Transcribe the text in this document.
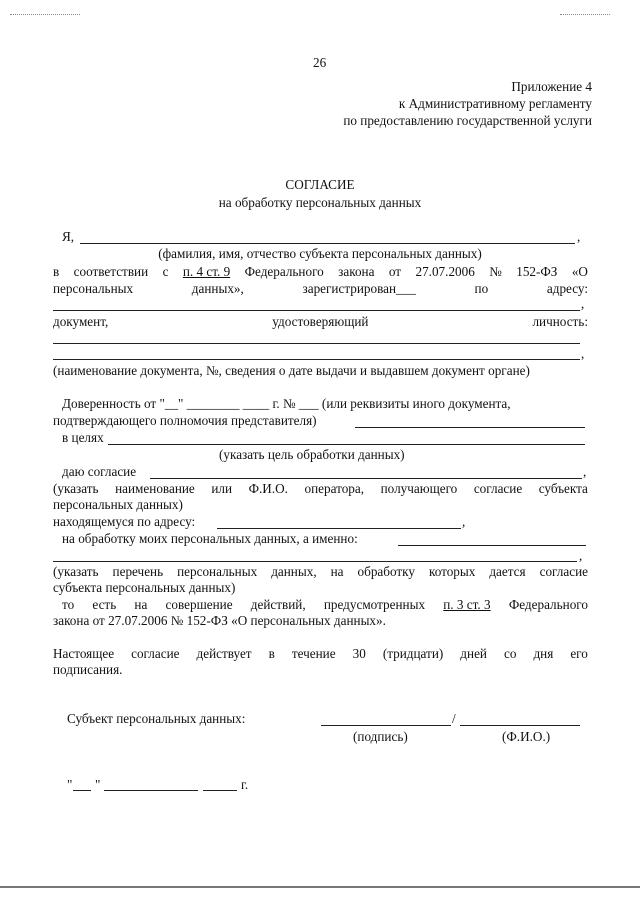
26
Приложение 4
к Административному регламенту
по предоставлению государственной услуги
СОГЛАСИЕ
на обработку персональных данных
Я,	,
(фамилия, имя, отчество субъекта персональных данных)
в соответствии с п. 4 ст. 9 Федерального закона от 27.07.2006 № 152-ФЗ «О
персональных	данных»,	зарегистрирован___	по	адресу:
,
документ,	удостоверяющий	личность:
,
(наименование документа, №, сведения о дате выдачи и выдавшем документ органе)
Доверенность от "__" ________ ____ г. № ___ (или реквизиты иного документа,
подтверждающего полномочия представителя)
в целях
(указать цель обработки данных)
даю согласие	,
(указать наименование или Ф.И.О. оператора, получающего согласие субъекта
персональных данных)
находящемуся по адресу:	,
на обработку моих персональных данных, а именно:
,
(указать перечень персональных данных, на обработку которых дается согласие
субъекта персональных данных)
то есть на совершение действий, предусмотренных п. 3 ст. 3 Федерального
закона от 27.07.2006 № 152-ФЗ «О персональных данных».
Настоящее согласие действует в течение 30 (тридцати) дней со дня его
подписания.
Субъект персональных данных:	/
(подпись)	(Ф.И.О.)
" "	г.
